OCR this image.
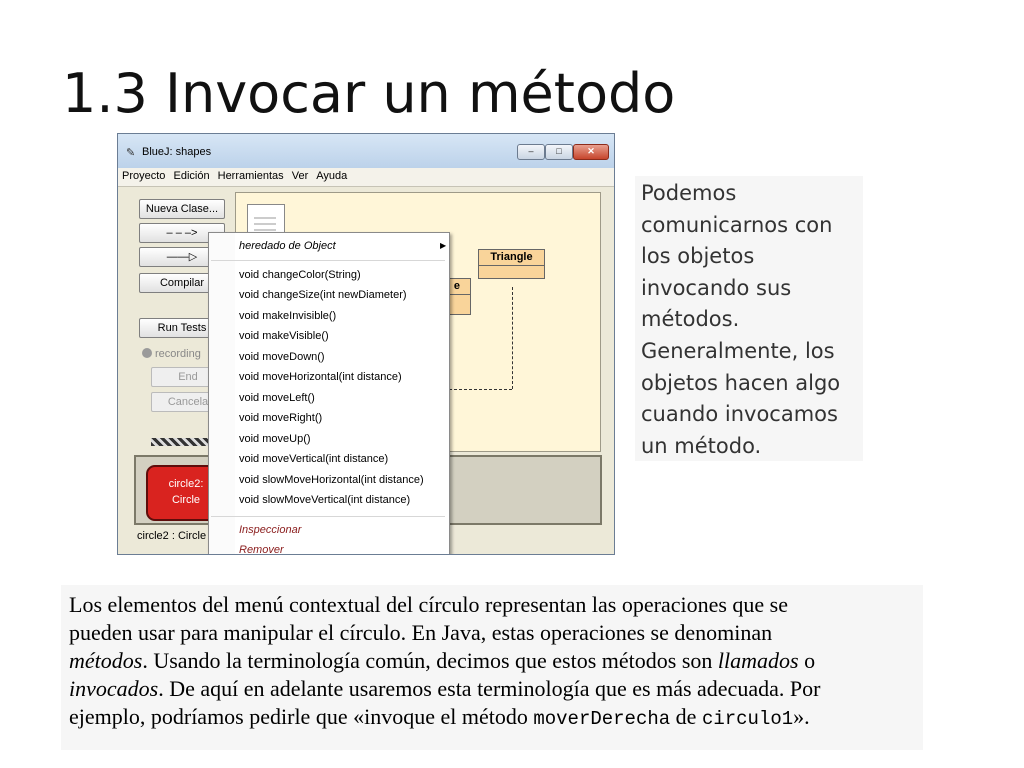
1.3 Invocar un método
✎ BlueJ: shapes	‒	□	✕
Proyecto Edición Herramientas Ver Ayuda
Nueva Clase...
‒ ‒ ‒>
——▷
Compilar
Run Tests
recording
End
Cancela
Triangle
e
circle2:
Circle
circle2 : Circle
heredado de Object	▶
void changeColor(String)
void changeSize(int newDiameter)
void makeInvisible()
void makeVisible()
void moveDown()
void moveHorizontal(int distance)
void moveLeft()
void moveRight()
void moveUp()
void moveVertical(int distance)
void slowMoveHorizontal(int distance)
void slowMoveVertical(int distance)
Inspeccionar
Remover
Podemos
comunicarnos con
los objetos
invocando sus
métodos.
Generalmente, los
objetos hacen algo
cuando invocamos
un método.
Los elementos del menú contextual del círculo representan las operaciones que se
pueden usar para manipular el círculo. En Java, estas operaciones se denominan
métodos. Usando la terminología común, decimos que estos métodos son llamados o
invocados. De aquí en adelante usaremos esta terminología que es más adecuada. Por
ejemplo, podríamos pedirle que «invoque el método moverDerecha de circulo1».
